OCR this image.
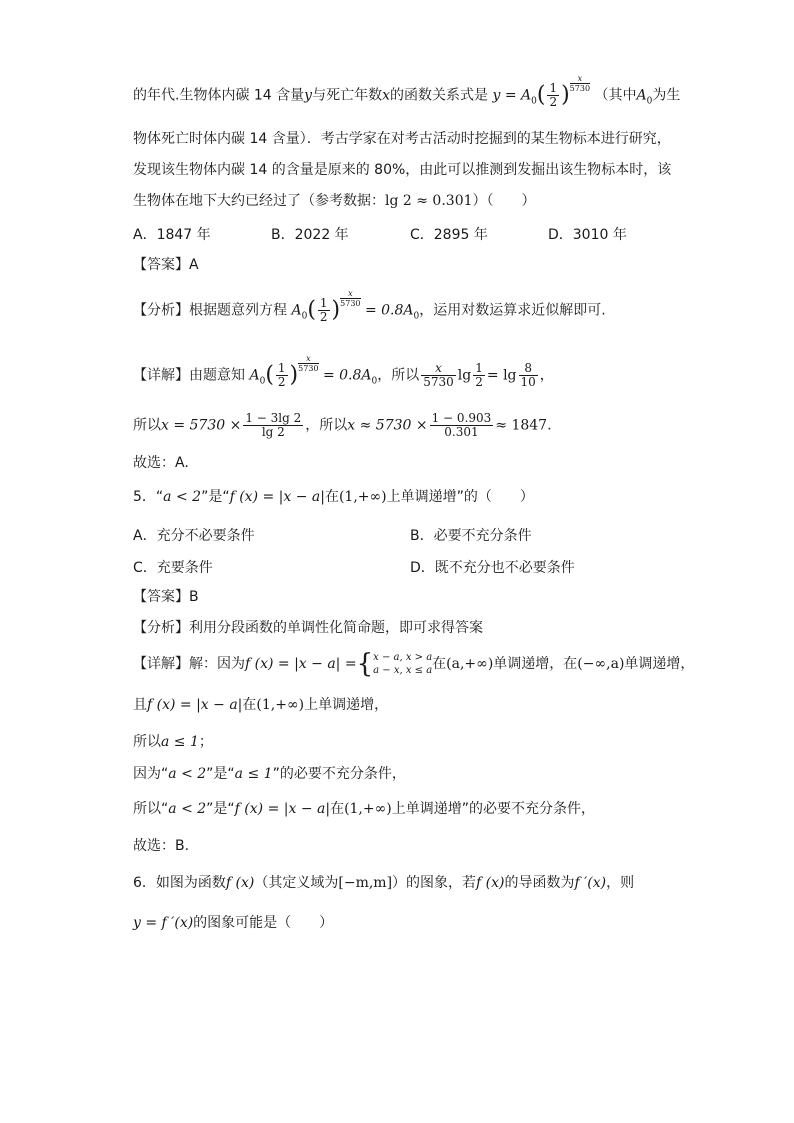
的年代.生物体内碳 14 含量y与死亡年数x的函数关系式是 $y = A_0( \frac{1}{2}$ ) $\frac{x}{5730}$
（其中$A_0$为生
物体死亡时体内碳 14 含量）．考古学家在对考古活动时挖掘到的某生物标本进行研究，
发现该生物体内碳 14 的含量是原来的 80%，由此可以推测到发掘出该生物标本时，该
生物体在地下大约已经过了（参考数据：lg 2 ≈ 0.301）（　　）
A．1847 年	B．2022 年	C．2895 年	D．3010 年
【答案】A
【分析】根据题意列方程 $A_0( \frac{1}{2}$ ) $\frac{x}{5730}$
= $0.8A_0$，运用对数运算求近似解即可.
【详解】由题意知 $A_0( \frac{1}{2}$ ) $\frac{x}{5730}$
= $0.8A_0$，所以 $\frac{x}{5730}$ $\lg \frac{1}{2} = \lg \frac{8}{10}$ ，
所以$x = 5730 \times \frac{1 - 3\lg 2}{\lg 2}$ ，所以$x \approx 5730 \times \frac{1 - 0.903}{0.301} \approx 1847$.
故选：A.
5．“a < 2”是“f (x) = |x − a|在(1,+∞)上单调递增”的（　　）
A．充分不必要条件	B．必要不充分条件
C．充要条件	D．既不充分也不必要条件
【答案】B
【分析】利用分段函数的单调性化简命题，即可求得答案
【详解】解：因为f (x) = |x − a| ={ x − a, x > a
a − x, x ≤ a 在(a,+∞)单调递增，在(−∞,a)单调递增，
且f (x) = |x − a|在(1,+∞)上单调递增，
所以a ≤ 1；
因为“a < 2”是“a ≤ 1”的必要不充分条件，
所以“a < 2”是“f (x) = |x − a|在(1,+∞)上单调递增”的必要不充分条件，
故选：B.
6．如图为函数f (x)（其定义域为[−m,m]）的图象，若f (x)的导函数为f ′(x)，则
y = f ′(x)的图象可能是（　　）
